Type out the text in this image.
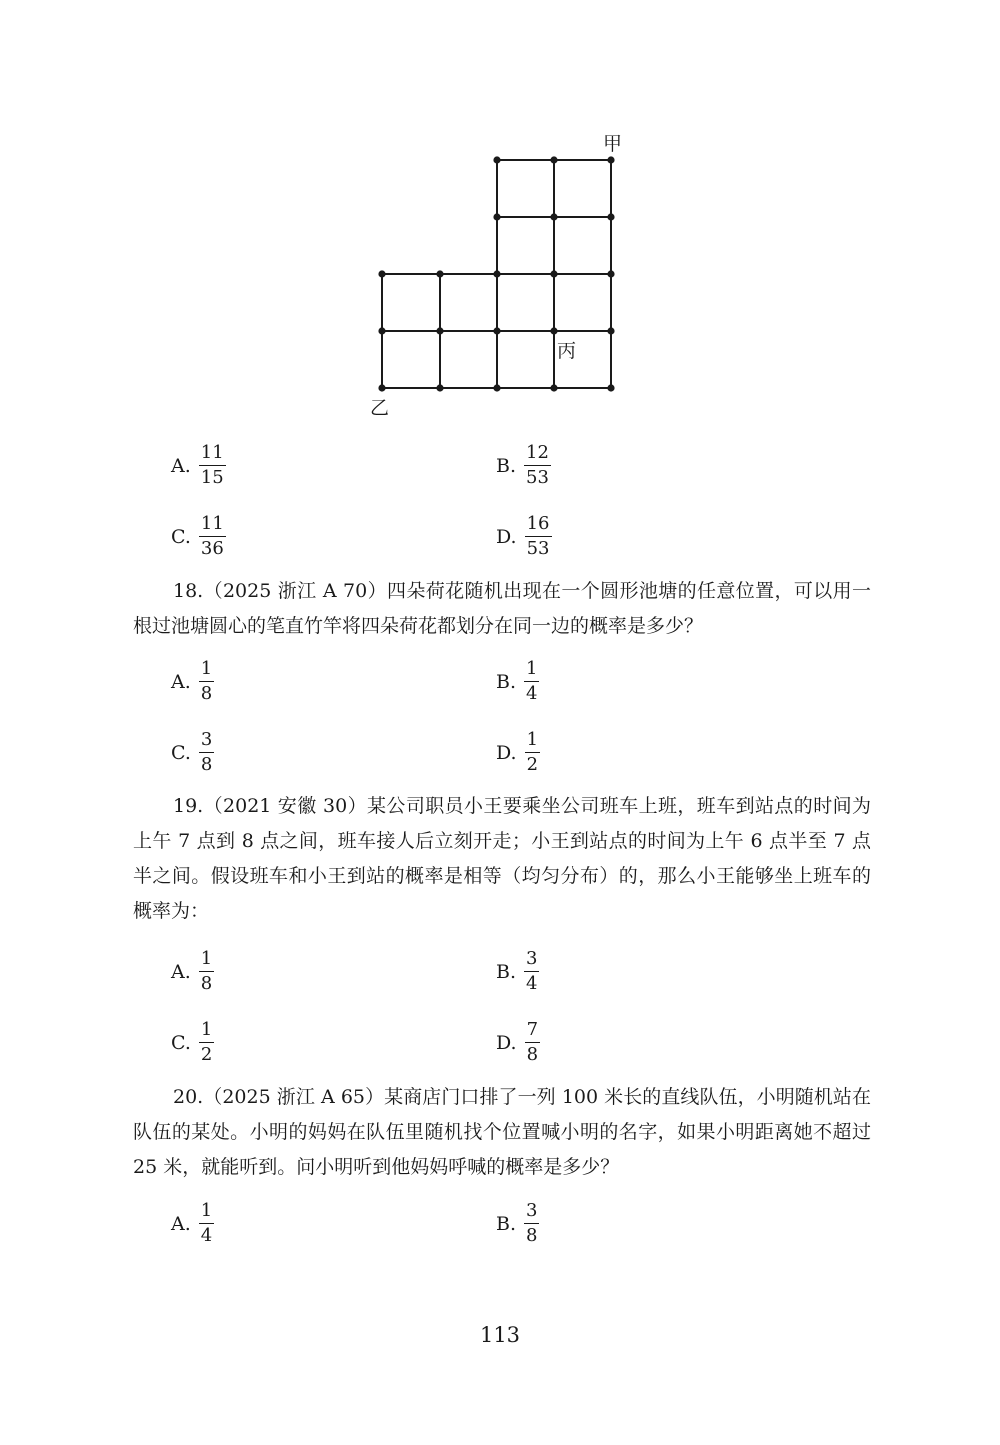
甲
乙
丙
A. $\frac{11}{15}$	B. $\frac{12}{53}$
C. $\frac{11}{36}$	D. $\frac{16}{53}$
18.（2025 浙江 A 70）四朵荷花随机出现在一个圆形池塘的任意位置，可以用一根过池塘圆心的笔直竹竿将四朵荷花都划分在同一边的概率是多少？
A. $\frac{1}{8}$	B. $\frac{1}{4}$
C. $\frac{3}{8}$	D. $\frac{1}{2}$
19.（2021 安徽 30）某公司职员小王要乘坐公司班车上班，班车到站点的时间为上午 7 点到 8 点之间，班车接人后立刻开走；小王到站点的时间为上午 6 点半至 7 点半之间。假设班车和小王到站的概率是相等（均匀分布）的，那么小王能够坐上班车的概率为：
A. $\frac{1}{8}$	B. $\frac{3}{4}$
C. $\frac{1}{2}$	D. $\frac{7}{8}$
20.（2025 浙江 A 65）某商店门口排了一列 100 米长的直线队伍，小明随机站在队伍的某处。小明的妈妈在队伍里随机找个位置喊小明的名字，如果小明距离她不超过 25 米，就能听到。问小明听到他妈妈呼喊的概率是多少？
A. $\frac{1}{4}$	B. $\frac{3}{8}$
113
